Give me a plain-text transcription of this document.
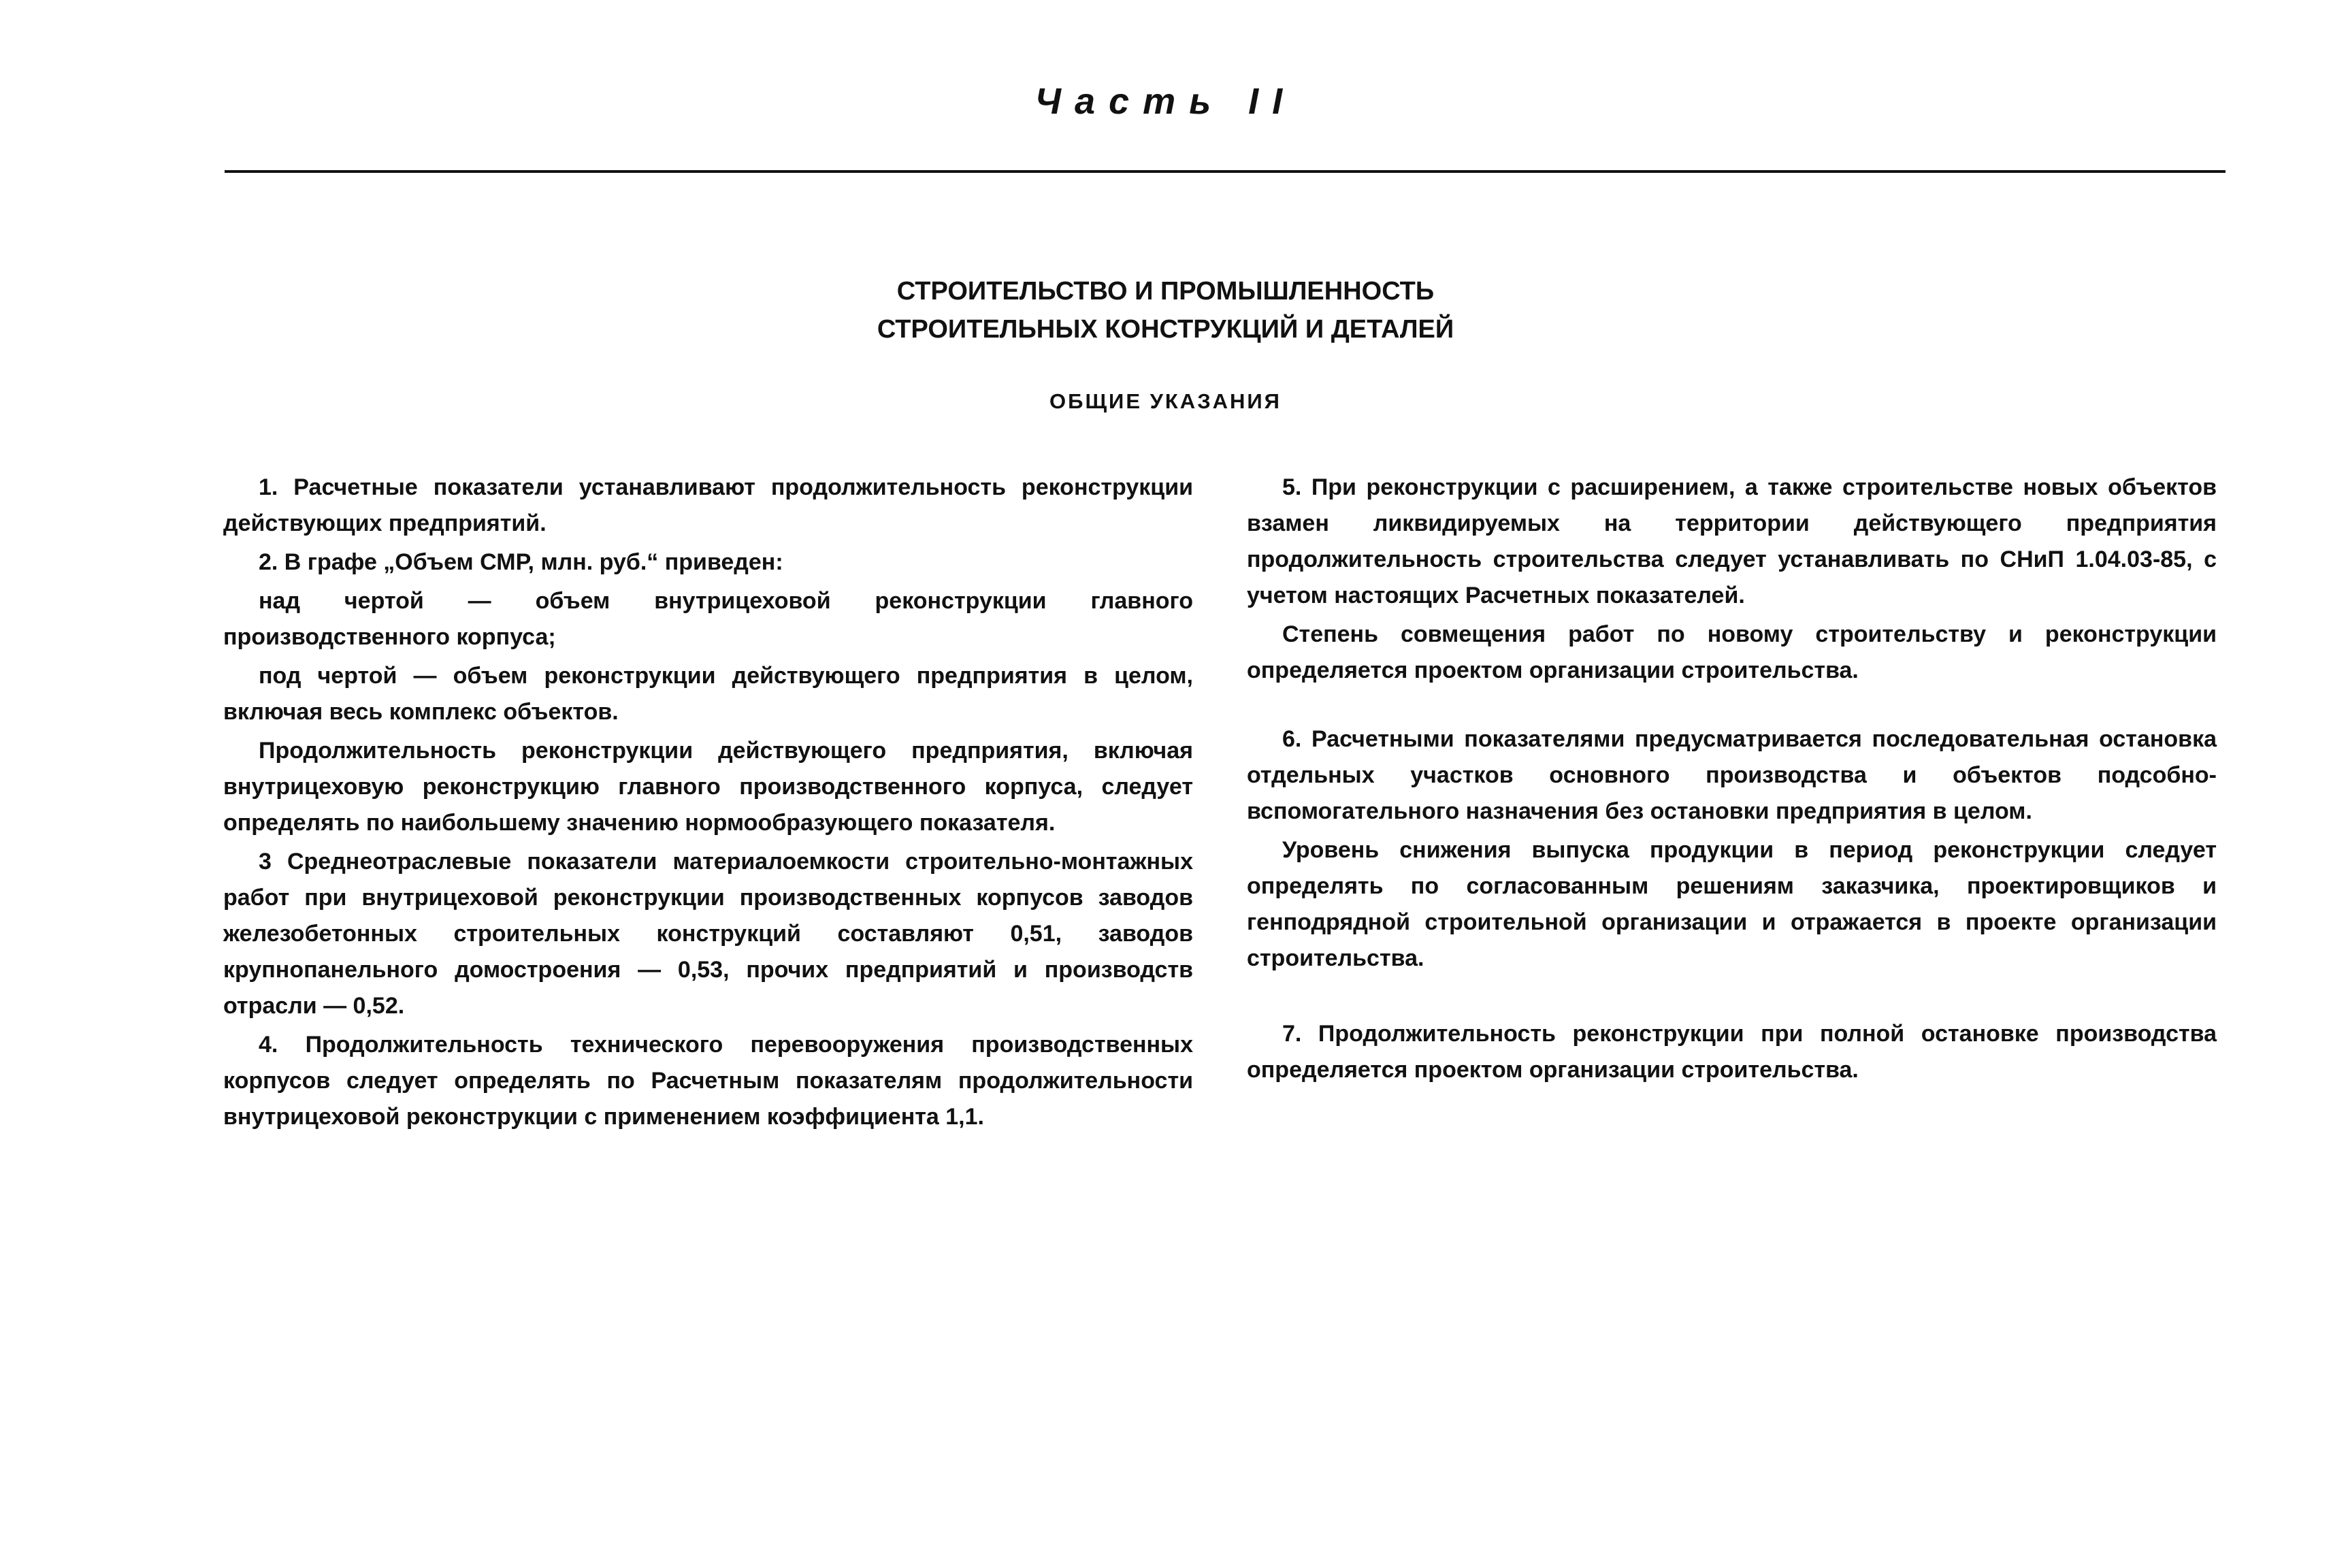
Часть II
СТРОИТЕЛЬСТВО И ПРОМЫШЛЕННОСТЬ
СТРОИТЕЛЬНЫХ КОНСТРУКЦИЙ И ДЕТАЛЕЙ
ОБЩИЕ УКАЗАНИЯ

1. Расчетные показатели устанавливают продолжительность реконструкции действующих предприятий.

2. В графе „Объем СМР, млн. руб.“ приведен:

над чертой — объем внутрицеховой реконструкции главного производственного корпуса;

под чертой — объем реконструкции действующего предприятия в целом, включая весь комплекс объектов.

Продолжительность реконструкции действующего предприятия, включая внутрицеховую реконструкцию главного производственного корпуса, следует определять по наибольшему значению нормообразующего показателя.

3 Среднеотраслевые показатели материалоемкости строительно-монтажных работ при внутрицеховой реконструкции производственных корпусов заводов железобетонных строительных конструкций составляют 0,51, заводов крупнопанельного домостроения — 0,53, прочих предприятий и производств отрасли — 0,52.

4. Продолжительность технического перевооружения производственных корпусов следует определять по Расчетным показателям продолжительности внутрицеховой реконструкции с применением коэффициента 1,1.

5. При реконструкции с расширением, а также строительстве новых объектов взамен ликвидируемых на территории действующего предприятия продолжительность строительства следует устанавливать по СНиП 1.04.03-85, с учетом настоящих Расчетных показателей.

Степень совмещения работ по новому строительству и реконструкции определяется проектом организации строительства.

6. Расчетными показателями предусматривается последовательная остановка отдельных участков основного производства и объектов подсобно-вспомогательного назначения без остановки предприятия в целом.

Уровень снижения выпуска продукции в период реконструкции следует определять по согласованным решениям заказчика, проектировщиков и генподрядной строительной организации и отражается в проекте организации строительства.

7. Продолжительность реконструкции при полной остановке производства определяется проектом организации строительства.
